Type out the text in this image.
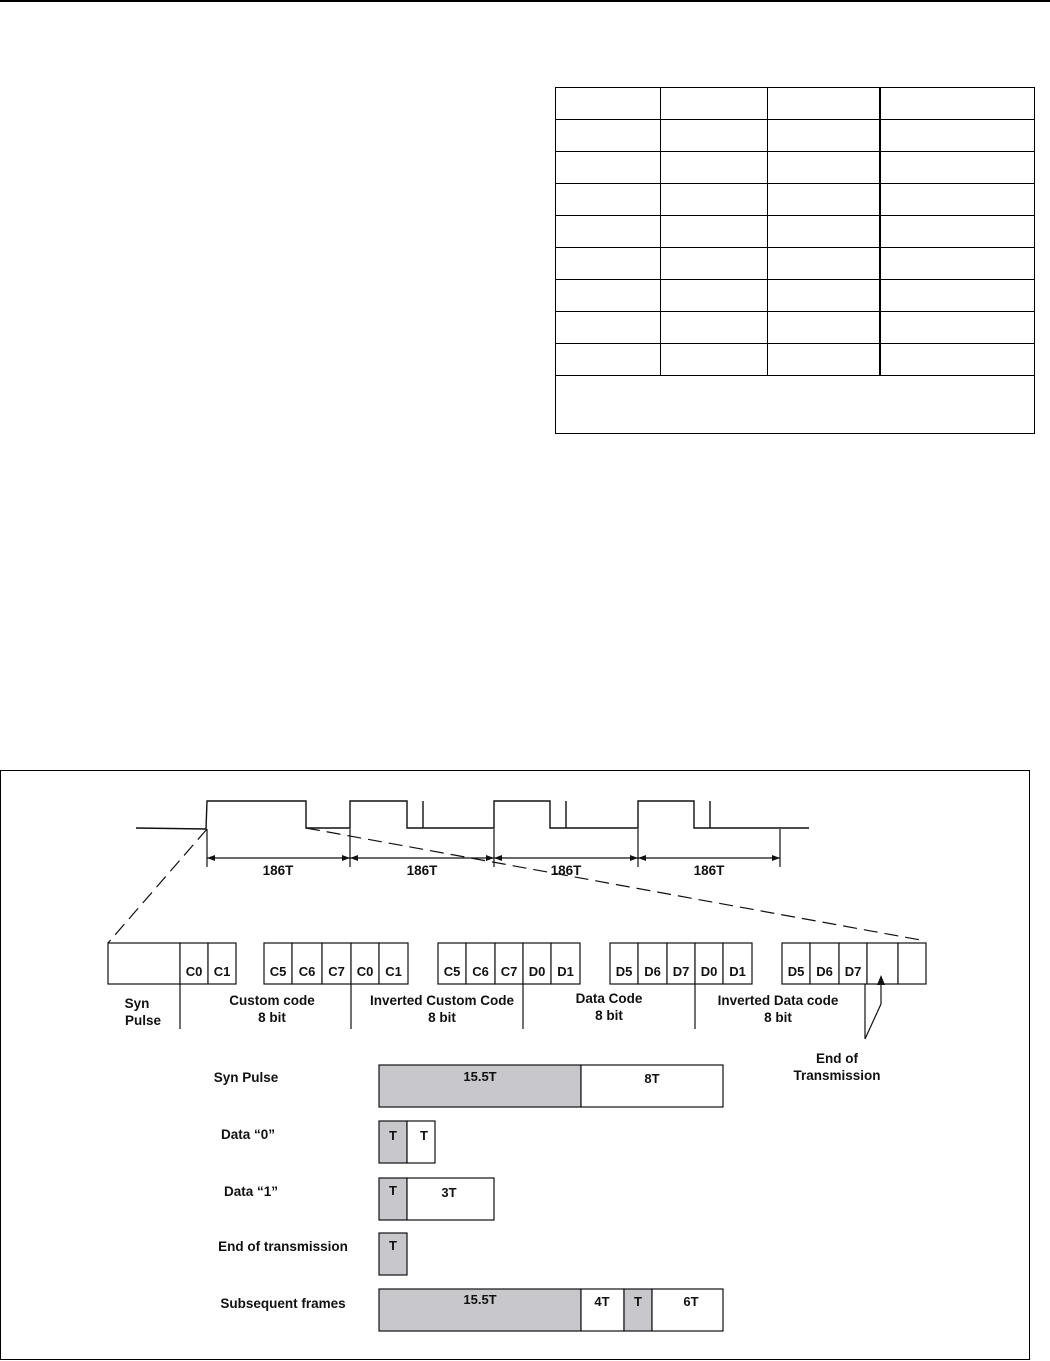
186T	186T	186T	186T
C0 C1	C5 C6 C7 C0 C1	C5 C6 C7 D0 D1	D5 D6 D7 D0 D1	D5 D6 D7
Syn
Pulse
Custom code
8 bit
Inverted Custom Code
8 bit
Data Code
8 bit
Inverted Data code
8 bit
End of
Transmission
Syn Pulse	15.5T	8T
Data “0”	T T
Data “1”	T	3T
End of transmission	T
Subsequent frames	15.5T	4T T	6T
